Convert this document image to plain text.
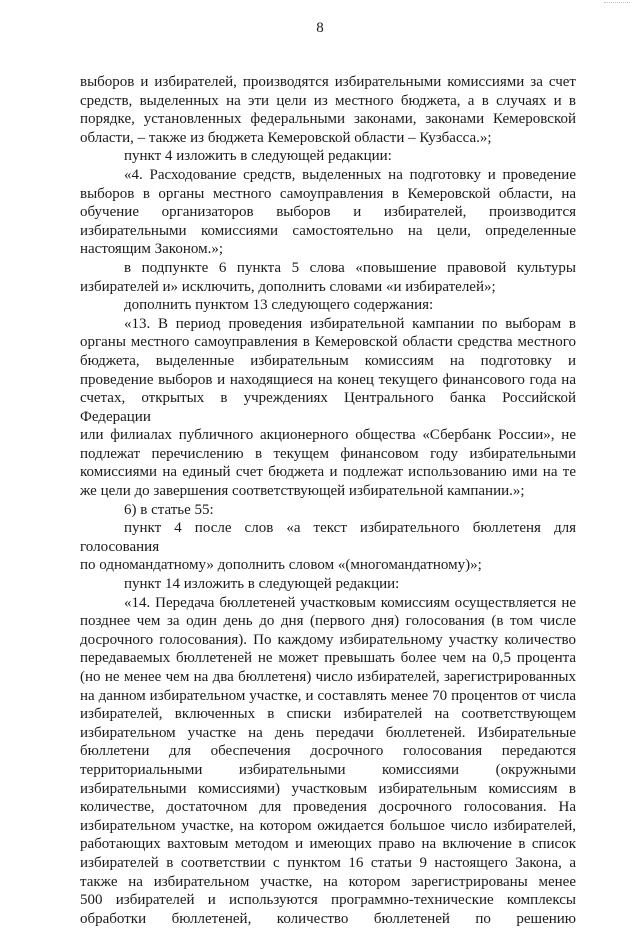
8

выборов и избирателей, производятся избирательными комиссиями за счет

средств, выделенных на эти цели из местного бюджета, а в случаях и в

порядке, установленных федеральными законами, законами Кемеровской

области, – также из бюджета Кемеровской области – Кузбасса.»;

пункт 4 изложить в следующей редакции:

«4. Расходование средств, выделенных на подготовку и проведение

выборов в органы местного самоуправления в Кемеровской области, на

обучение организаторов выборов и избирателей, производится

избирательными комиссиями самостоятельно на цели, определенные

настоящим Законом.»;

в подпункте 6 пункта 5 слова «повышение правовой культуры

избирателей и» исключить, дополнить словами «и избирателей»;

дополнить пунктом 13 следующего содержания:

«13. В период проведения избирательной кампании по выборам в

органы местного самоуправления в Кемеровской области средства местного

бюджета, выделенные избирательным комиссиям на подготовку и

проведение выборов и находящиеся на конец текущего финансового года на

счетах, открытых в учреждениях Центрального банка Российской Федерации

или филиалах публичного акционерного общества «Сбербанк России», не

подлежат перечислению в текущем финансовом году избирательными

комиссиями на единый счет бюджета и подлежат использованию ими на те

же цели до завершения соответствующей избирательной кампании.»;

6) в статье 55:

пункт 4 после слов «а текст избирательного бюллетеня для голосования

по одномандатному» дополнить словом «(многомандатному)»;

пункт 14 изложить в следующей редакции:

«14. Передача бюллетеней участковым комиссиям осуществляется не

позднее чем за один день до дня (первого дня) голосования (в том числе

досрочного голосования). По каждому избирательному участку количество

передаваемых бюллетеней не может превышать более чем на 0,5 процента

(но не менее чем на два бюллетеня) число избирателей, зарегистрированных

на данном избирательном участке, и составлять менее 70 процентов от числа

избирателей, включенных в списки избирателей на соответствующем

избирательном участке на день передачи бюллетеней. Избирательные

бюллетени для обеспечения досрочного голосования передаются

территориальными избирательными комиссиями (окружными

избирательными комиссиями) участковым избирательным комиссиям в

количестве, достаточном для проведения досрочного голосования. На

избирательном участке, на котором ожидается большое число избирателей,

работающих вахтовым методом и имеющих право на включение в список

избирателей в соответствии с пунктом 16 статьи 9 настоящего Закона, а

также на избирательном участке, на котором зарегистрированы менее

500 избирателей и используются программно-технические комплексы

обработки бюллетеней, количество бюллетеней по решению
